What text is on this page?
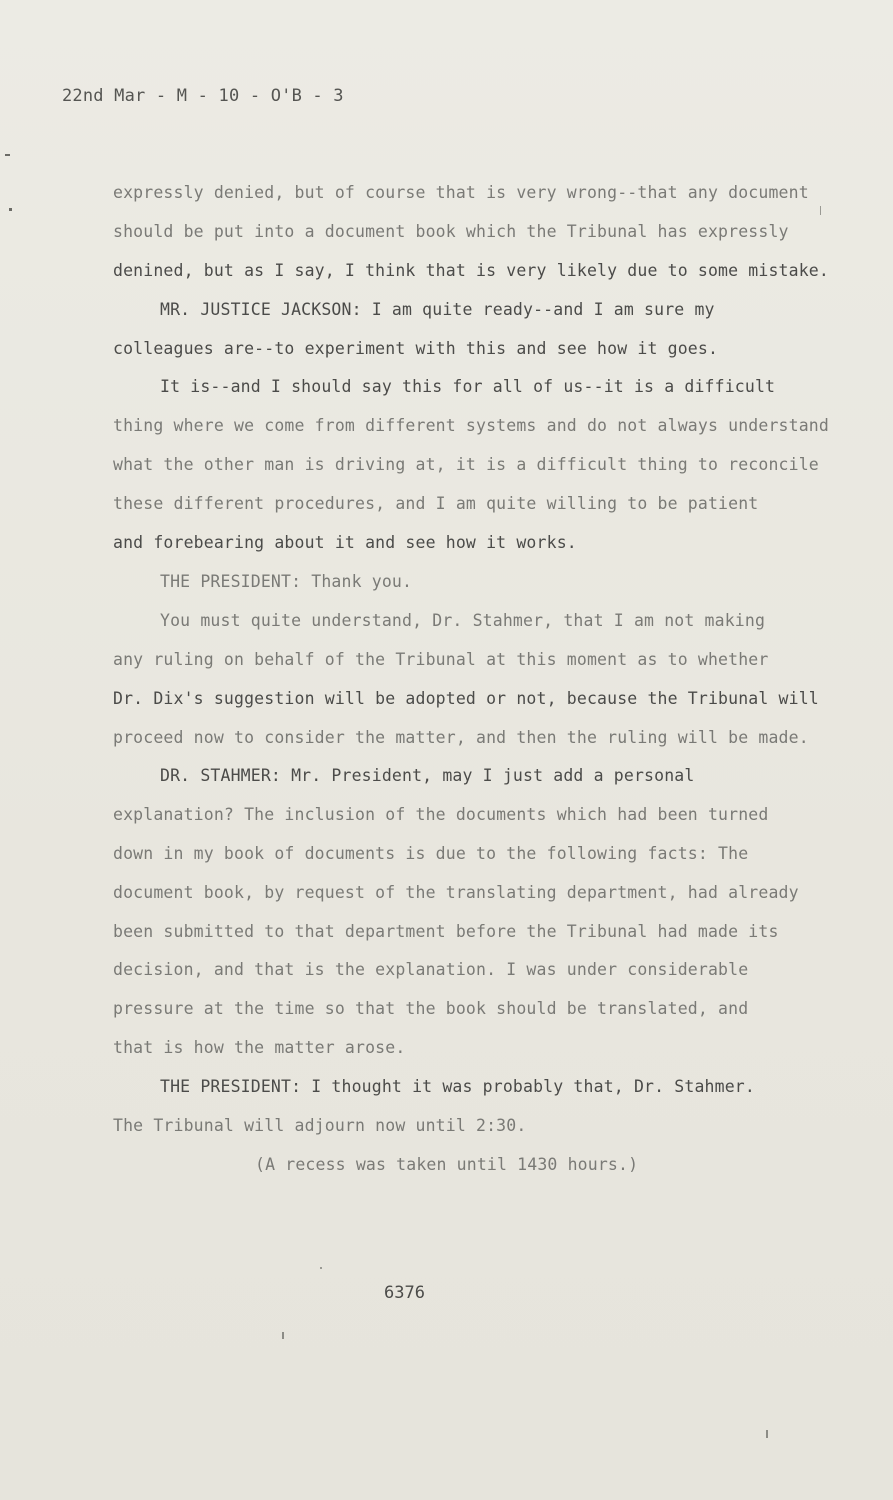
22nd Mar - M - 10 - O'B - 3
expressly denied, but of course that is very wrong--that any document
should be put into a document book which the Tribunal has expressly
denined, but as I say, I think that is very likely due to some mistake.
MR. JUSTICE JACKSON: I am quite ready--and I am sure my
colleagues are--to experiment with this and see how it goes.
It is--and I should say this for all of us--it is a difficult
thing where we come from different systems and do not always understand
what the other man is driving at, it is a difficult thing to reconcile
these different procedures, and I am quite willing to be patient
and forebearing about it and see how it works.
THE PRESIDENT: Thank you.
You must quite understand, Dr. Stahmer, that I am not making
any ruling on behalf of the Tribunal at this moment as to whether
Dr. Dix's suggestion will be adopted or not, because the Tribunal will
proceed now to consider the matter, and then the ruling will be made.
DR. STAHMER: Mr. President, may I just add a personal
explanation? The inclusion of the documents which had been turned
down in my book of documents is due to the following facts: The
document book, by request of the translating department, had already
been submitted to that department before the Tribunal had made its
decision, and that is the explanation. I was under considerable
pressure at the time so that the book should be translated, and
that is how the matter arose.
THE PRESIDENT: I thought it was probably that, Dr. Stahmer.
The Tribunal will adjourn now until 2:30.
(A recess was taken until 1430 hours.)
6376
